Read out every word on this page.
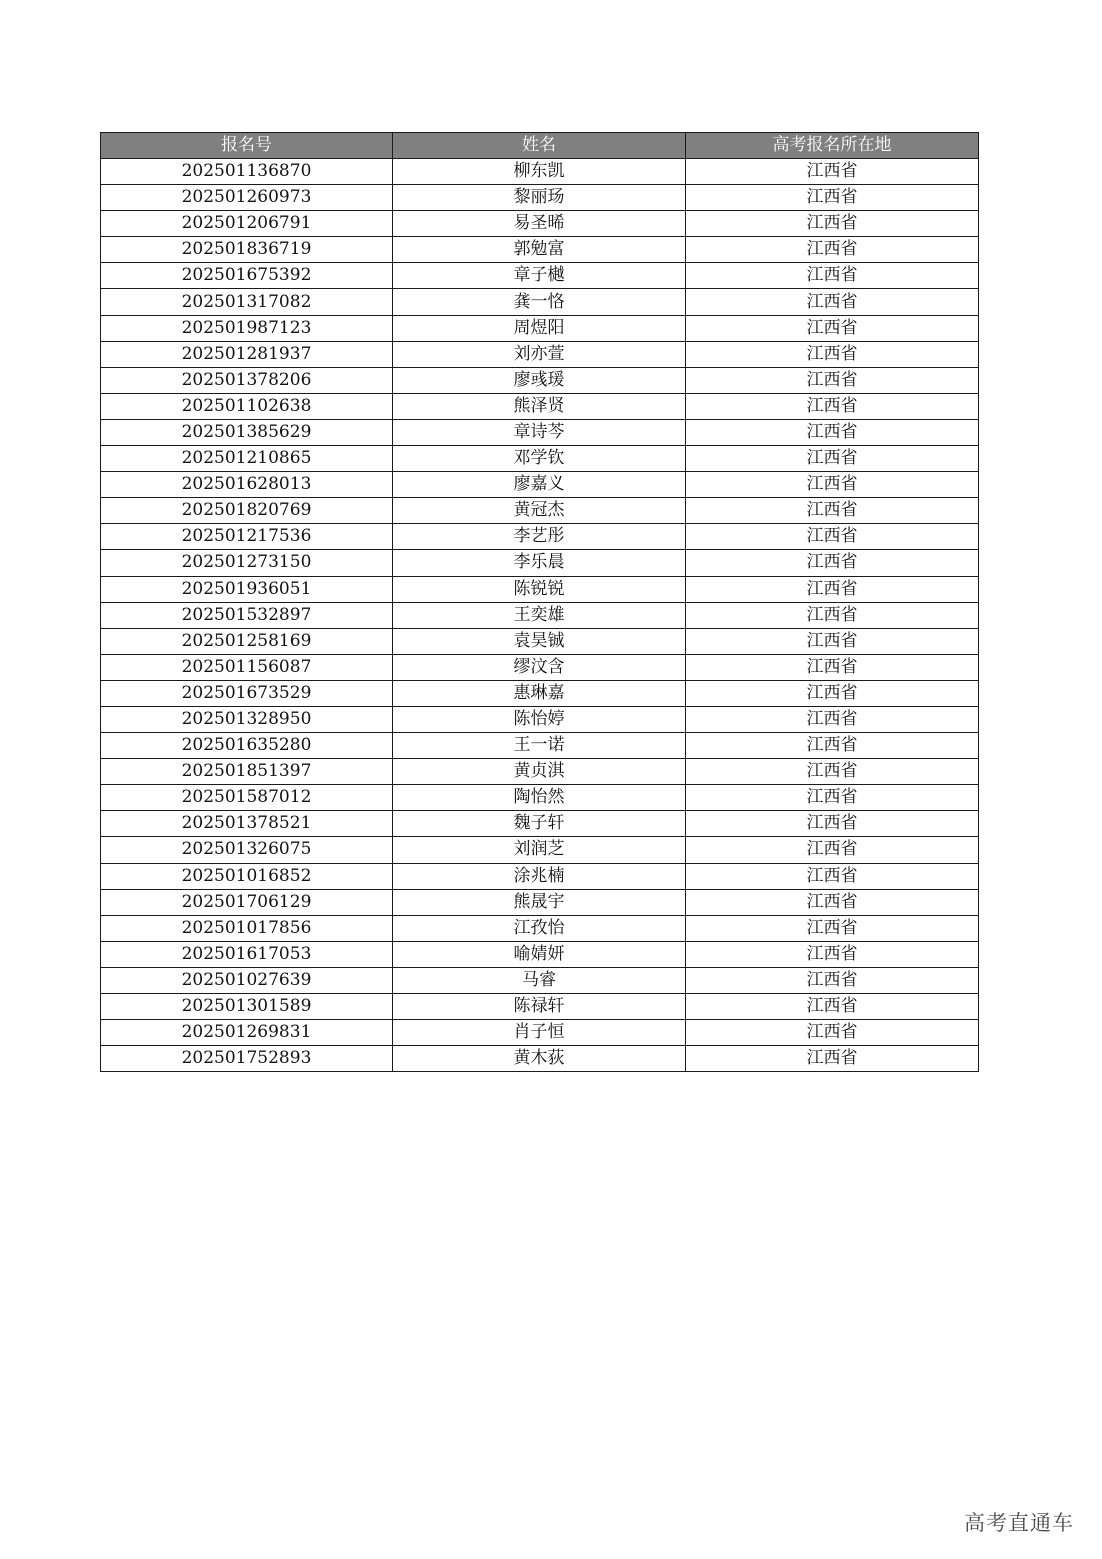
报名号	姓名	高考报名所在地
202501136870	柳东凯	江西省
202501260973	黎丽玚	江西省
202501206791	易圣晞	江西省
202501836719	郭勉富	江西省
202501675392	章子樾	江西省
202501317082	龚一恪	江西省
202501987123	周煜阳	江西省
202501281937	刘亦萱	江西省
202501378206	廖彧瑗	江西省
202501102638	熊泽贤	江西省
202501385629	章诗芩	江西省
202501210865	邓学钦	江西省
202501628013	廖嘉义	江西省
202501820769	黄冠杰	江西省
202501217536	李艺彤	江西省
202501273150	李乐晨	江西省
202501936051	陈锐锐	江西省
202501532897	王奕雄	江西省
202501258169	袁昊铖	江西省
202501156087	缪汶含	江西省
202501673529	惠琳嘉	江西省
202501328950	陈怡婷	江西省
202501635280	王一诺	江西省
202501851397	黄贞淇	江西省
202501587012	陶怡然	江西省
202501378521	魏子轩	江西省
202501326075	刘润芝	江西省
202501016852	涂兆楠	江西省
202501706129	熊晟宇	江西省
202501017856	江孜怡	江西省
202501617053	喻婧妍	江西省
202501027639	马睿	江西省
202501301589	陈禄轩	江西省
202501269831	肖子恒	江西省
202501752893	黄木荻	江西省
高考直通车
